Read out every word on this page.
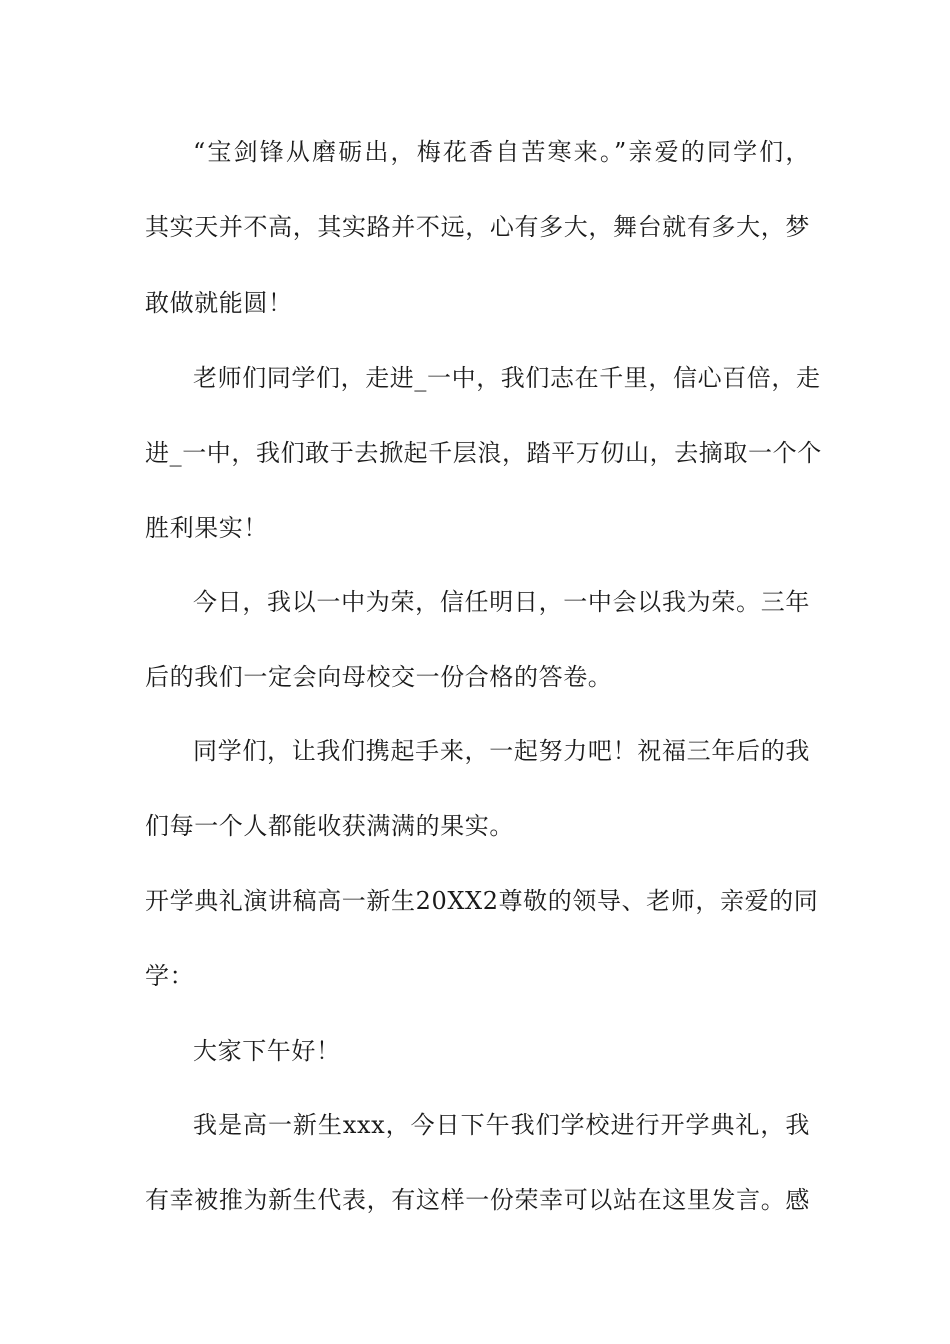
“宝剑锋从磨砺出，梅花香自苦寒来。”亲爱的同学们，
其实天并不高，其实路并不远，心有多大，舞台就有多大，梦
敢做就能圆！
老师们同学们，走进_一中，我们志在千里，信心百倍，走
进_一中，我们敢于去掀起千层浪，踏平万仞山，去摘取一个个
胜利果实！
今日，我以一中为荣，信任明日，一中会以我为荣。三年
后的我们一定会向母校交一份合格的答卷。
同学们，让我们携起手来，一起努力吧！祝福三年后的我
们每一个人都能收获满满的果实。
开学典礼演讲稿高一新生20XX2尊敬的领导、老师，亲爱的同
学：
大家下午好！
我是高一新生xxx，今日下午我们学校进行开学典礼，我
有幸被推为新生代表，有这样一份荣幸可以站在这里发言。感
